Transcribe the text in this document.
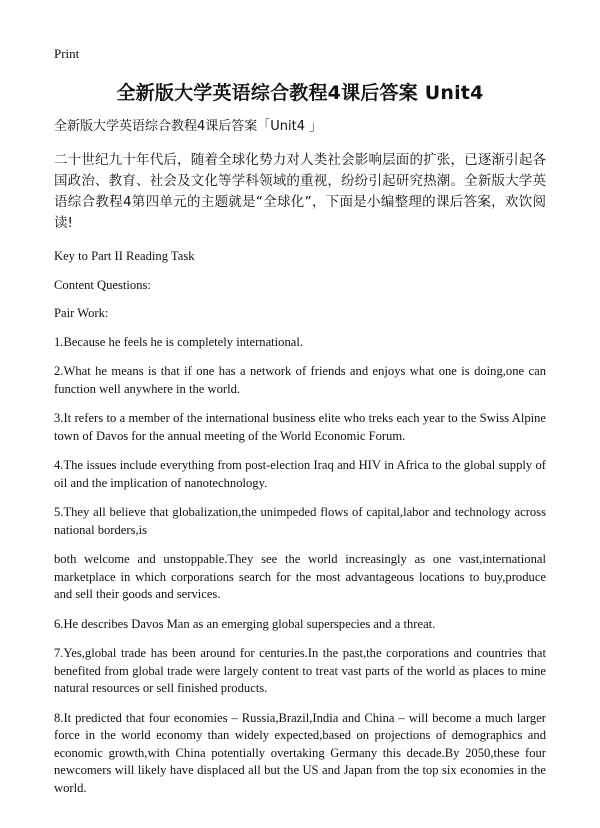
Print
全新版大学英语综合教程4课后答案 Unit4
全新版大学英语综合教程4课后答案「Unit4 」
二十世纪九十年代后，随着全球化势力对人类社会影响层面的扩张，已逐渐引起各国政治、教育、社会及文化等学科领域的重视，纷纷引起研究热潮。全新版大学英语综合教程4第四单元的主题就是“全球化”，下面是小编整理的课后答案，欢饮阅读!
Key to Part II Reading Task
Content Questions:
Pair Work:
1.Because he feels he is completely international.
2.What he means is that if one has a network of friends and enjoys what one is doing,one can function well anywhere in the world.
3.It refers to a member of the international business elite who treks each year to the Swiss Alpine town of Davos for the annual meeting of the World Economic Forum.
4.The issues include everything from post-election Iraq and HIV in Africa to the global supply of oil and the implication of nanotechnology.
5.They all believe that globalization,the unimpeded flows of capital,labor and technology across national borders,is
both welcome and unstoppable.They see the world increasingly as one vast,international marketplace in which corporations search for the most advantageous locations to buy,produce and sell their goods and services.
6.He describes Davos Man as an emerging global superspecies and a threat.
7.Yes,global trade has been around for centuries.In the past,the corporations and countries that benefited from global trade were largely content to treat vast parts of the world as places to mine natural resources or sell finished products.
8.It predicted that four economies – Russia,Brazil,India and China – will become a much larger force in the world economy than widely expected,based on projections of demographics and economic growth,with China potentially overtaking Germany this decade.By 2050,these four newcomers will likely have displaced all but the US and Japan from the top six economies in the world.
